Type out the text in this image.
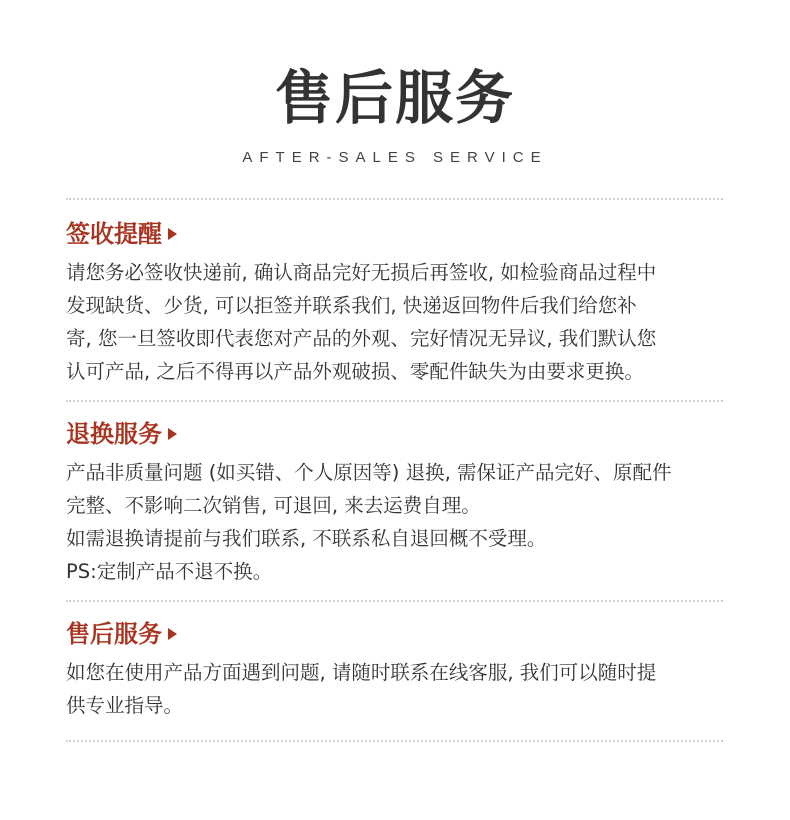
售后服务
AFTER-SALES SERVICE
签收提醒

请您务必签收快递前, 确认商品完好无损后再签收, 如检验商品过程中
发现缺货、少货, 可以拒签并联系我们, 快递返回物件后我们给您补
寄, 您一旦签收即代表您对产品的外观、完好情况无异议, 我们默认您
认可产品, 之后不得再以产品外观破损、零配件缺失为由要求更换。

退换服务

产品非质量问题 (如买错、个人原因等) 退换, 需保证产品完好、原配件
完整、不影响二次销售, 可退回, 来去运费自理。
如需退换请提前与我们联系, 不联系私自退回概不受理。
PS:定制产品不退不换。

售后服务

如您在使用产品方面遇到问题, 请随时联系在线客服, 我们可以随时提
供专业指导。
